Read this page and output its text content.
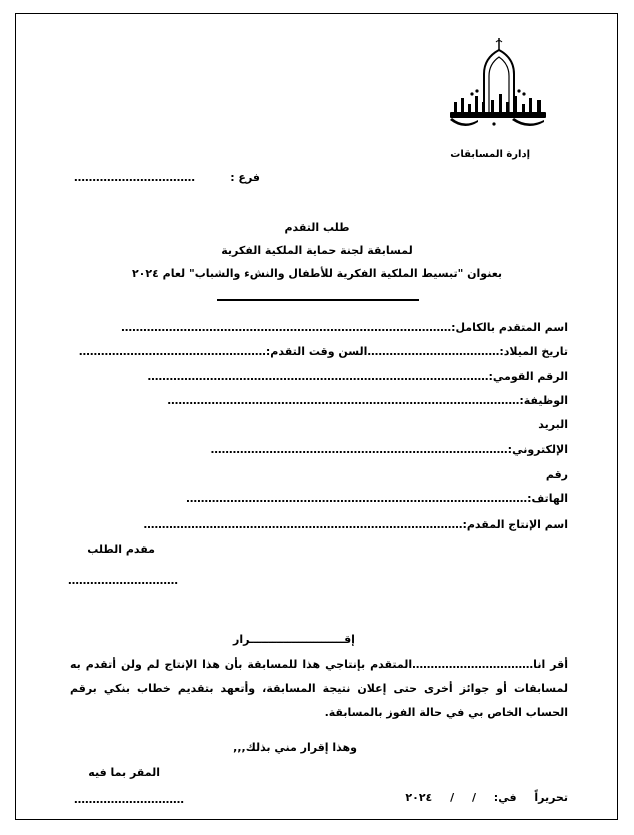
إدارة المسابقات
فرع :
……………………………
طلب التقدم
لمسابقة لجنة حماية الملكية الفكرية
بعنوان "تبسيط الملكية الفكرية للأطفال والنشء والشباب" لعام ٢٠٢٤
اسم المتقدم بالكامل:………………………………………………………………………………
تاريخ الميلاد:………………………………السن وقت التقدم:……………………………………………
الرقم القومي:…………………………………………………………………………………
الوظيفة:……………………………………………………………………………………
البريد
الإلكتروني:………………………………………………………………………
رقم
الهاتف:…………………………………………………………………………………
اسم الإنتاج المقدم:……………………………………………………………………………
مقدم الطلب
…………………………
إقـــــــــــــــــــــــــرار
أقر انا……………………………المتقدم بإنتاجي هذا للمسابقة بأن هذا الإنتاج لم ولن أتقدم به لمسابقات أو جوائز أخرى حتى إعلان نتيجة المسابقة، وأتعهد بتقديم خطاب بنكي برقم الحساب الخاص بي في حالة الفوز بالمسابقة.
وهذا إقرار مني بذلك,,,
المقر بما فيه
…………………………	تحريراً في: / / ٢٠٢٤
